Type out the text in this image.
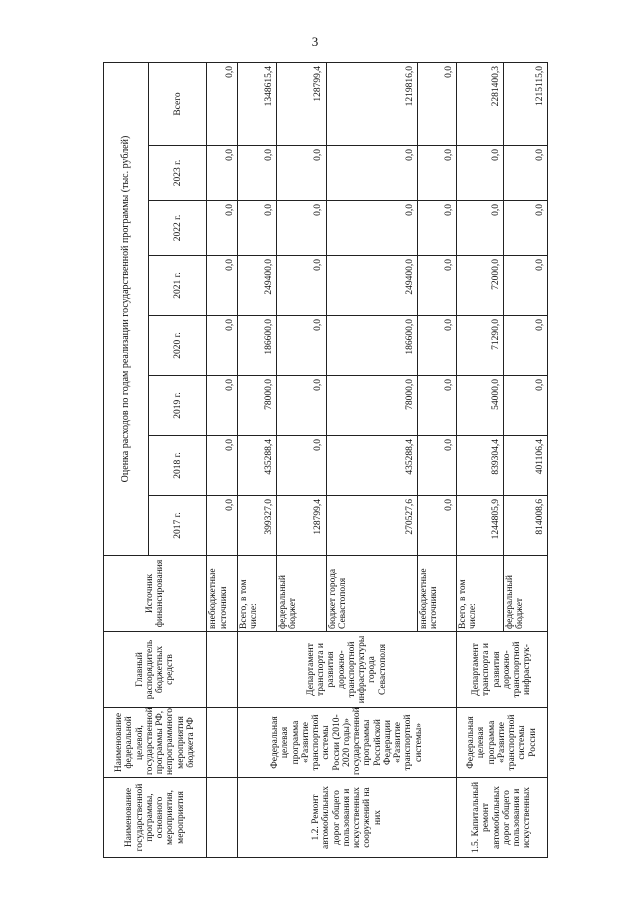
3
Наименование государственной программы, основного мероприятия, мероприятия	Наименование федеральной целевой, государственной программы РФ, непрограммного мероприятия бюджета РФ	Главный распорядитель бюджетных средств	Источник финансирования	Оценка расходов по годам реализации государственной программы (тыс. рублей)							
				2017 г.	2018 г.	2019 г.	2020 г.	2021 г.	2022 г.	2023 г.	Всего
			внебюджетные источники	0,0	0,0	0,0	0,0	0,0	0,0	0,0	0,0
1.2. Ремонт автомобильных дорог общего пользования и искусственных сооружений на них	Федеральная целевая программа «Развитие транспортной системы России (2010-2020 годы)» государственной программы Российской Федерации «Развитие транспортной системы»	Департамент транспорта и развития дорожно-транспортной инфраструктуры города Севастополя	Всего, в том числе:	399327,0	435288,4	78000,0	186600,0	249400,0	0,0	0,0	1348615,4
			федеральный бюджет	128799,4	0,0	0,0	0,0	0,0	0,0	0,0	128799,4
			бюджет города Севастополя	270527,6	435288,4	78000,0	186600,0	249400,0	0,0	0,0	1219816,0
			внебюджетные источники	0,0	0,0	0,0	0,0	0,0	0,0	0,0	0,0
1.5. Капитальный ремонт автомобильных дорог общего пользования и искусственных	Федеральная целевая программа «Развитие транспортной системы России	Департамент транспорта и развития дорожно-транспортной инфраструк-	Всего, в том числе:	1244805,9	839304,4	54000,0	71290,0	72000,0	0,0	0,0	2281400,3
			федеральный бюджет	814008,6	401106,4	0,0	0,0	0,0	0,0	0,0	1215115,0
